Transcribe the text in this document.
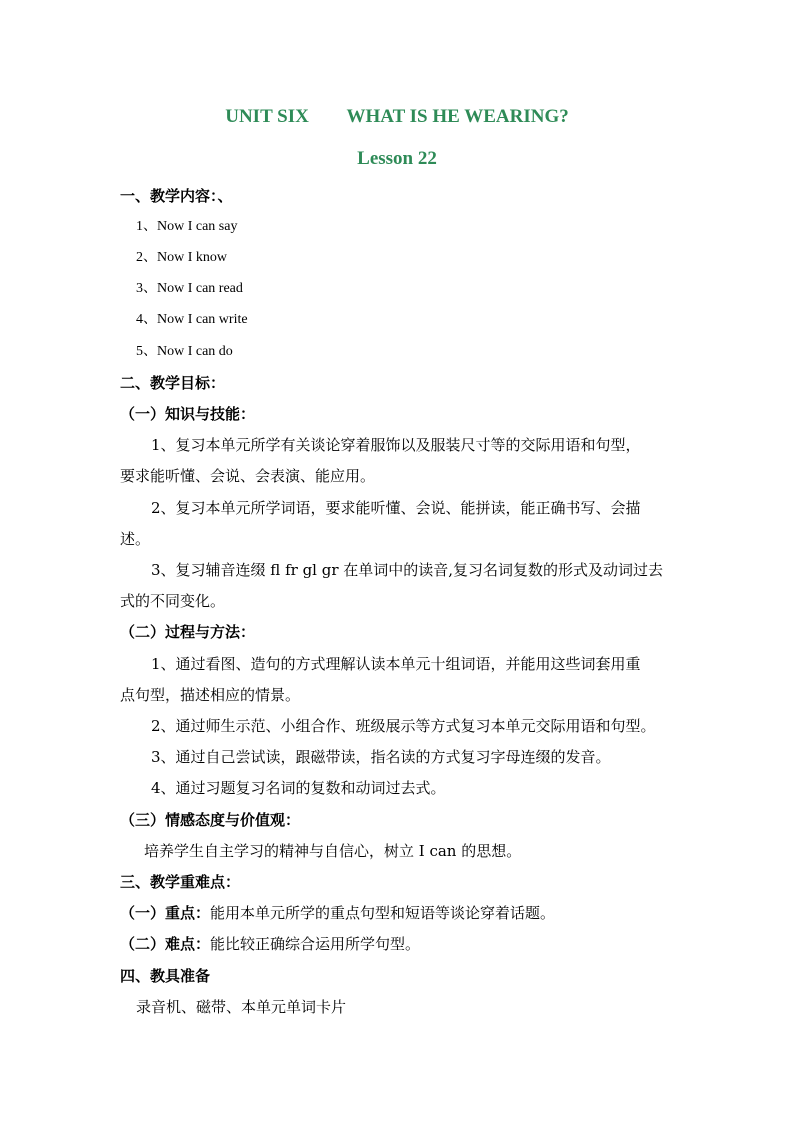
UNIT SIX        WHAT IS HE WEARING?
Lesson 22
一、教学内容：、
1、Now I can say
2、Now I know
3、Now I can read
4、Now I can write
5、Now I can do
二、教学目标：
（一）知识与技能：
1、复习本单元所学有关谈论穿着服饰以及服装尺寸等的交际用语和句型，
要求能听懂、会说、会表演、能应用。
2、复习本单元所学词语，要求能听懂、会说、能拼读，能正确书写、会描
述。
3、复习辅音连缀 fl fr gl gr 在单词中的读音,复习名词复数的形式及动词过去
式的不同变化。
（二）过程与方法：
1、通过看图、造句的方式理解认读本单元十组词语，并能用这些词套用重
点句型，描述相应的情景。
2、通过师生示范、小组合作、班级展示等方式复习本单元交际用语和句型。
3、通过自己尝试读，跟磁带读，指名读的方式复习字母连缀的发音。
4、通过习题复习名词的复数和动词过去式。
（三）情感态度与价值观：
培养学生自主学习的精神与自信心，树立 I can 的思想。
三、教学重难点：
（一）重点：能用本单元所学的重点句型和短语等谈论穿着话题。
（二）难点：能比较正确综合运用所学句型。
四、教具准备
录音机、磁带、本单元单词卡片
